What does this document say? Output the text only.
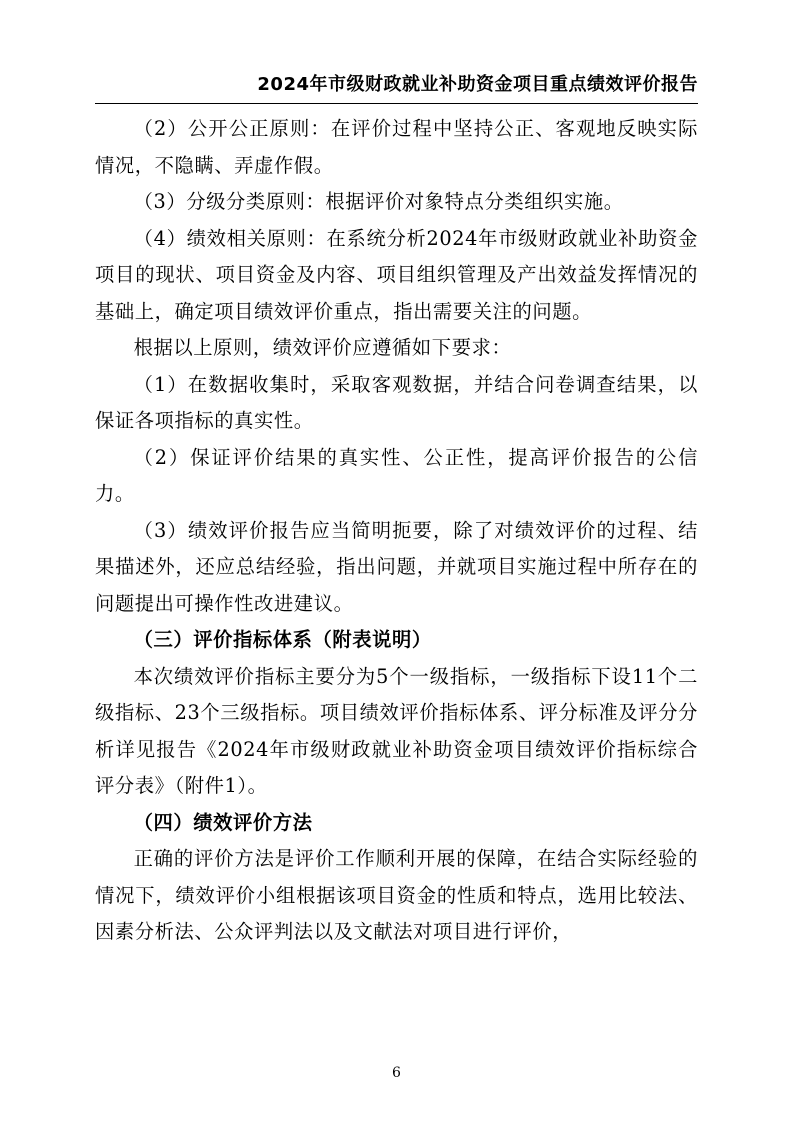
2024年市级财政就业补助资金项目重点绩效评价报告

（2）公开公正原则：在评价过程中坚持公正、客观地反映实际情况，不隐瞒、弄虚作假。

（3）分级分类原则：根据评价对象特点分类组织实施。

（4）绩效相关原则：在系统分析2024年市级财政就业补助资金项目的现状、项目资金及内容、项目组织管理及产出效益发挥情况的基础上，确定项目绩效评价重点，指出需要关注的问题。

根据以上原则，绩效评价应遵循如下要求：

（1）在数据收集时，采取客观数据，并结合问卷调查结果，以保证各项指标的真实性。

（2）保证评价结果的真实性、公正性，提高评价报告的公信力。

（3）绩效评价报告应当简明扼要，除了对绩效评价的过程、结果描述外，还应总结经验，指出问题，并就项目实施过程中所存在的问题提出可操作性改进建议。

（三）评价指标体系（附表说明）

本次绩效评价指标主要分为5个一级指标，一级指标下设11个二级指标、23个三级指标。项目绩效评价指标体系、评分标准及评分分析详见报告《2024年市级财政就业补助资金项目绩效评价指标综合评分表》（附件1）。

（四）绩效评价方法

正确的评价方法是评价工作顺利开展的保障，在结合实际经验的情况下，绩效评价小组根据该项目资金的性质和特点，选用比较法、因素分析法、公众评判法以及文献法对项目进行评价，

6
